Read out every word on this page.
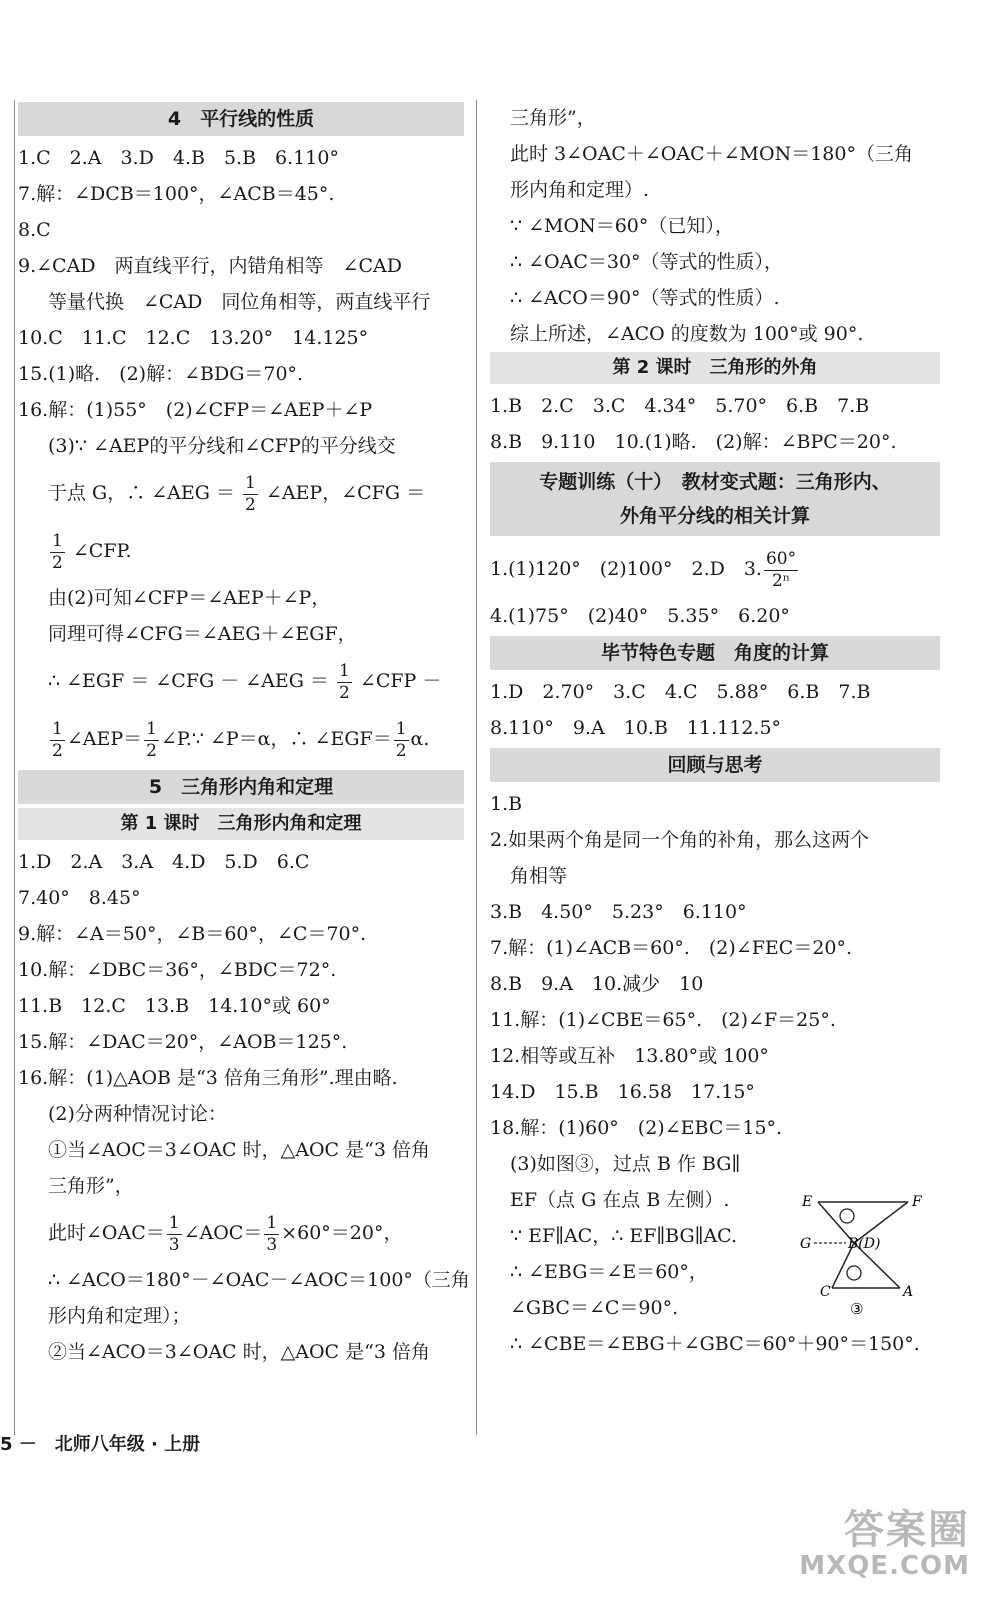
4　平行线的性质
1.C　2.A　3.D　4.B　5.B　6.110°
7.解：∠DCB＝100°，∠ACB＝45°.
8.C
9.∠CAD　两直线平行，内错角相等　∠CAD
等量代换　∠CAD　同位角相等，两直线平行
10.C　11.C　12.C　13.20°　14.125°
15.(1)略.　(2)解：∠BDG＝70°.
16.解：(1)55°　(2)∠CFP＝∠AEP＋∠P
(3)∵ ∠AEP的平分线和∠CFP的平分线交
于点 G，∴ ∠AEG ＝ $\frac{1}{2}$ ∠AEP，∠CFG ＝
$\frac{1}{2}$ ∠CFP.
由(2)可知∠CFP＝∠AEP＋∠P，
同理可得∠CFG＝∠AEG＋∠EGF，
∴ ∠EGF ＝ ∠CFG － ∠AEG ＝ $\frac{1}{2}$ ∠CFP －
$\frac{1}{2}$ ∠AEP＝ $\frac{1}{2}$ ∠P.∵ ∠P＝α，∴ ∠EGF＝ $\frac{1}{2} \alpha$.
5　三角形内角和定理
第 1 课时　三角形内角和定理
1.D　2.A　3.A　4.D　5.D　6.C
7.40°　8.45°
9.解：∠A＝50°，∠B＝60°，∠C＝70°.
10.解：∠DBC＝36°，∠BDC＝72°.
11.B　12.C　13.B　14.10°或 60°
15.解：∠DAC＝20°，∠AOB＝125°.
16.解：(1)△AOB 是“3 倍角三角形”.理由略.
(2)分两种情况讨论：
①当∠AOC＝3∠OAC 时，△AOC 是“3 倍角
三角形”，
此时∠OAC＝ $\frac{1}{3}$ ∠AOC＝ $\frac{1}{3} \times 60^\circ=20^\circ$，
∴ ∠ACO＝180°－∠OAC－∠AOC＝100°（三角
形内角和定理）；
②当∠ACO＝3∠OAC 时，△AOC 是“3 倍角
三角形”，
此时 3∠OAC＋∠OAC＋∠MON＝180°（三角
形内角和定理）.
∵ ∠MON＝60°（已知），
∴ ∠OAC＝30°（等式的性质），
∴ ∠ACO＝90°（等式的性质）.
综上所述，∠ACO 的度数为 100°或 90°.
第 2 课时　三角形的外角
1.B　2.C　3.C　4.34°　5.70°　6.B　7.B
8.B　9.110　10.(1)略.　(2)解：∠BPC＝20°.
专题训练（十）　教材变式题：三角形内、
外角平分线的相关计算
1.(1)120°　(2)100°　2.D　3. $\frac{60^\circ}{\text{2ⁿ}}$
4.(1)75°　(2)40°　5.35°　6.20°
毕节特色专题　角度的计算
1.D　2.70°　3.C　4.C　5.88°　6.B　7.B
8.110°　9.A　10.B　11.112.5°
回顾与思考
1.B
2.如果两个角是同一个角的补角，那么这两个
角相等
3.B　4.50°　5.23°　6.110°
7.解：(1)∠ACB＝60°.　(2)∠FEC＝20°.
8.B　9.A　10.减少　10
11.解：(1)∠CBE＝65°.　(2)∠F＝25°.
12.相等或互补　13.80°或 100°
14.D　15.B　16.58　17.15°
18.解：(1)60°　(2)∠EBC＝15°.
(3)如图③，过点 B 作 BG∥
EF（点 G 在点 B 左侧）.
∵ EF∥AC，∴ EF∥BG∥AC.
∴ ∠EBG＝∠E＝60°，
∠GBC＝∠C＝90°.
∴ ∠CBE＝∠EBG＋∠GBC＝60°＋90°＝150°.
E	F
G	B(D)
C	A
③
5 －　北师八年级 · 上册
答案圈
MXQE.COM
